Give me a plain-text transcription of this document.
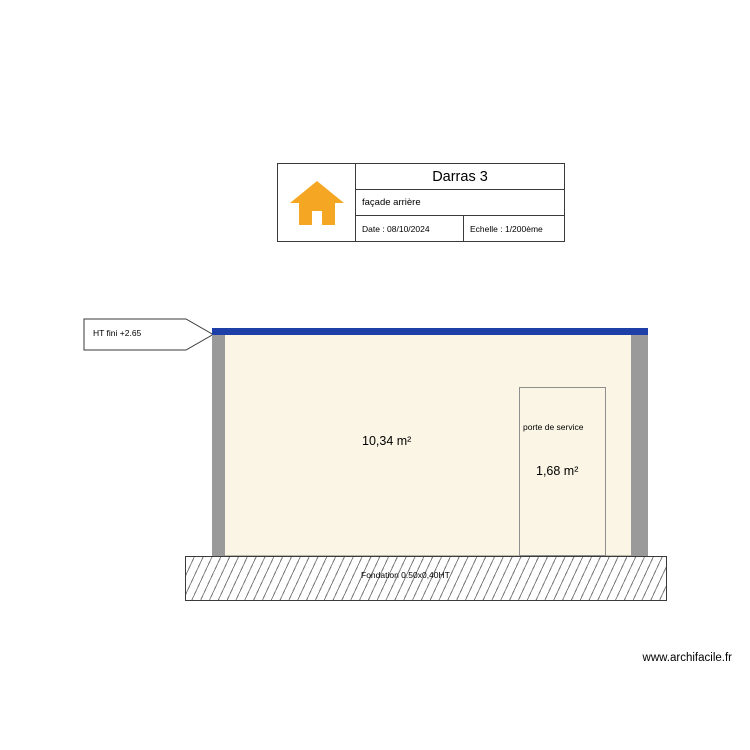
Darras 3
façade arrière
Date : 08/10/2024	Echelle : 1/200ème
HT fini +2.65
porte de service
10,34 m²
1,68 m²
Fondation 0.50x0,40HT
www.archifacile.fr
